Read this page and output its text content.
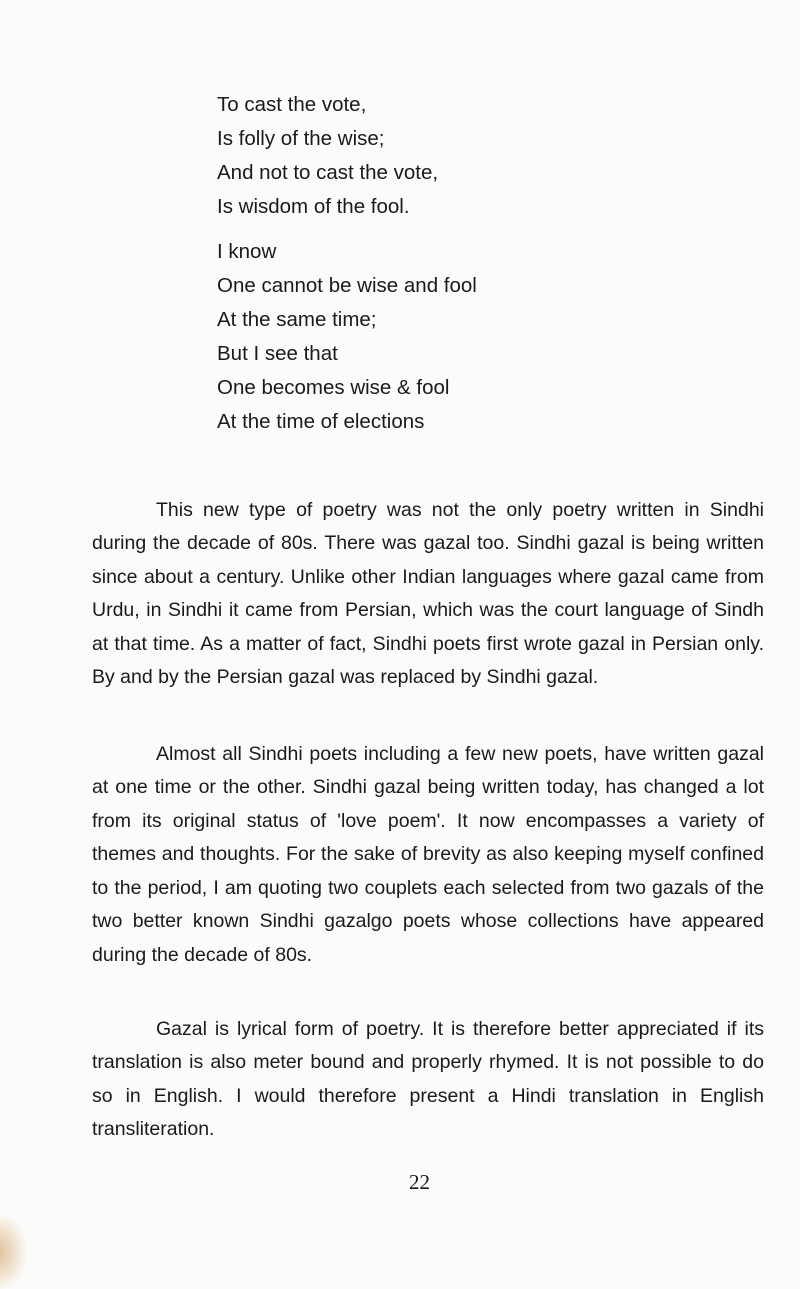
To cast the vote,
Is folly of the wise;
And not to cast the vote,
Is wisdom of the fool.
I know
One cannot be wise and fool
At the same time;
But I see that
One becomes wise & fool
At the time of elections

This new type of poetry was not the only poetry written in Sindhi during the decade of 80s. There was gazal too. Sindhi gazal is being written since about a century. Unlike other Indian languages where gazal came from Urdu, in Sindhi it came from Persian, which was the court language of Sindh at that time. As a matter of fact, Sindhi poets first wrote gazal in Persian only. By and by the Persian gazal was replaced by Sindhi gazal.

Almost all Sindhi poets including a few new poets, have written gazal at one time or the other. Sindhi gazal being written today, has changed a lot from its original status of 'love poem'. It now encompasses a variety of themes and thoughts. For the sake of brevity as also keeping myself confined to the period, I am quoting two couplets each selected from two gazals of the two better known Sindhi gazalgo poets whose collections have appeared during the decade of 80s.

Gazal is lyrical form of poetry. It is therefore better appreciated if its translation is also meter bound and properly rhymed. It is not possible to do so in English. I would therefore present a Hindi translation in English transliteration.

22
